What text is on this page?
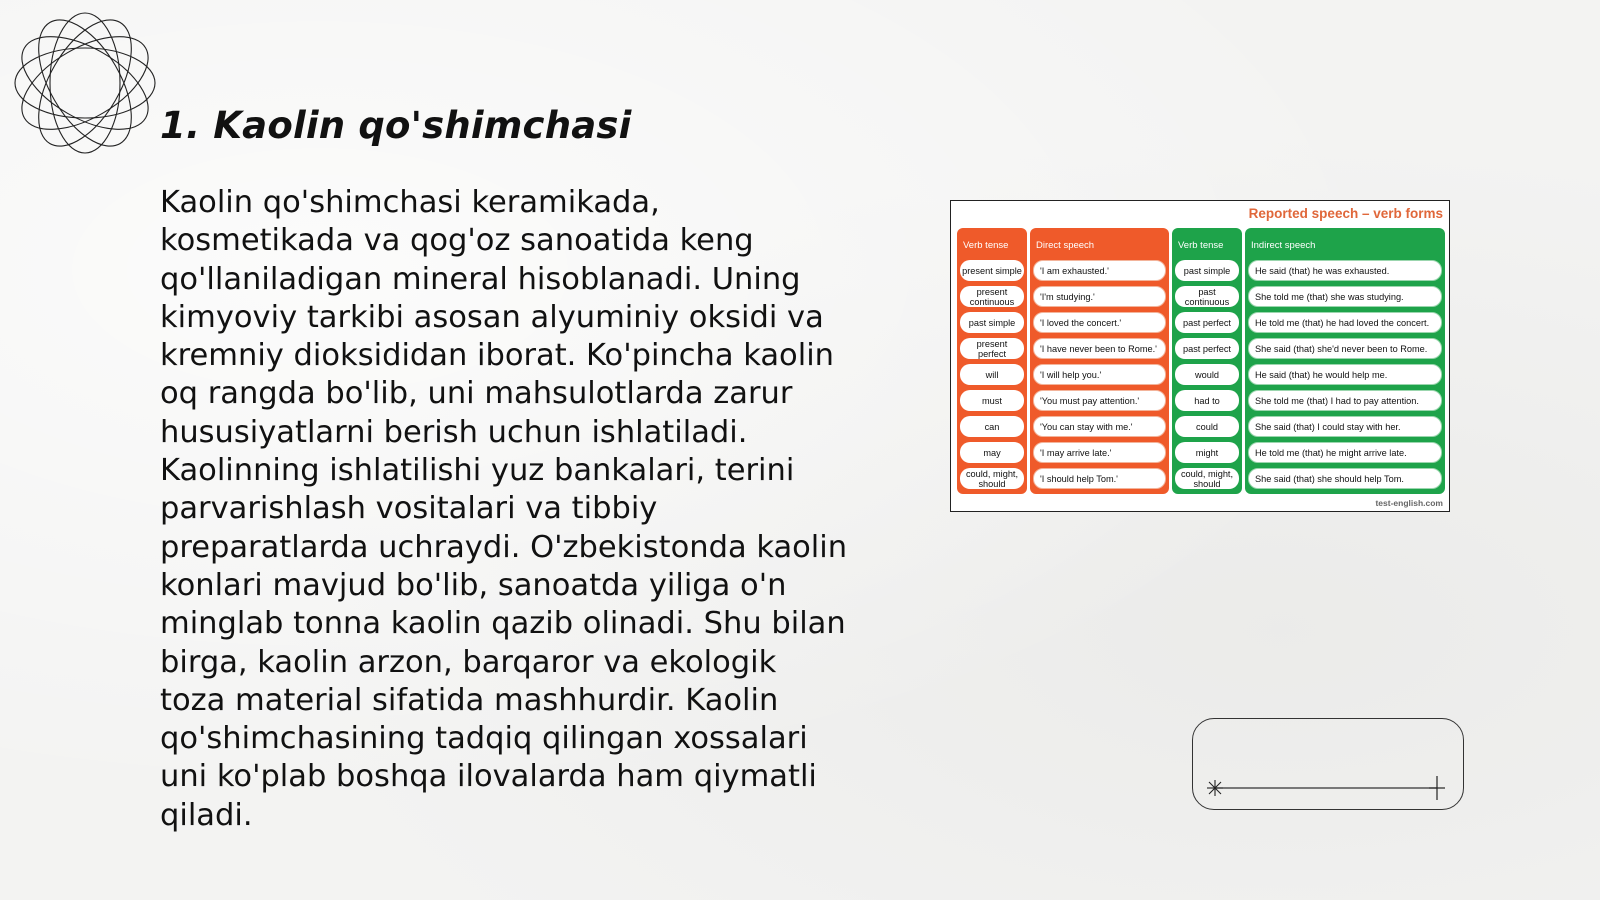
1. Kaolin qo'shimchasi

Kaolin qo'shimchasi keramikada, kosmetikada va qog'oz sanoatida keng qo'llaniladigan mineral hisoblanadi. Uning kimyoviy tarkibi asosan alyuminiy oksidi va kremniy dioksididan iborat. Ko'pincha kaolin oq rangda bo'lib, uni mahsulotlarda zarur hususiyatlarni berish uchun ishlatiladi. Kaolinning ishlatilishi yuz bankalari, terini parvarishlash vositalari va tibbiy preparatlarda uchraydi. O'zbekistonda kaolin konlari mavjud bo'lib, sanoatda yiliga o'n minglab tonna kaolin qazib olinadi. Shu bilan birga, kaolin arzon, barqaror va ekologik toza material sifatida mashhurdir. Kaolin qo'shimchasining tadqiq qilingan xossalari uni ko'plab boshqa ilovalarda ham qiymatli qiladi.

Reported speech – verb forms
Verb tense
present simple
present continuous
past simple
present perfect
will
must
can
may
could, might, should
Direct speech
'I am exhausted.'
'I'm studying.'
'I loved the concert.'
'I have never been to Rome.'
'I will help you.'
'You must pay attention.'
'You can stay with me.'
'I may arrive late.'
'I should help Tom.'
Verb tense
past simple
past continuous
past perfect
past perfect
would
had to
could
might
could, might, should
Indirect speech
He said (that) he was exhausted.
She told me (that) she was studying.
He told me (that) he had loved the concert.
She said (that) she'd never been to Rome.
He said (that) he would help me.
She told me (that) I had to pay attention.
She said (that) I could stay with her.
He told me (that) he might arrive late.
She said (that) she should help Tom.
test-english.com
